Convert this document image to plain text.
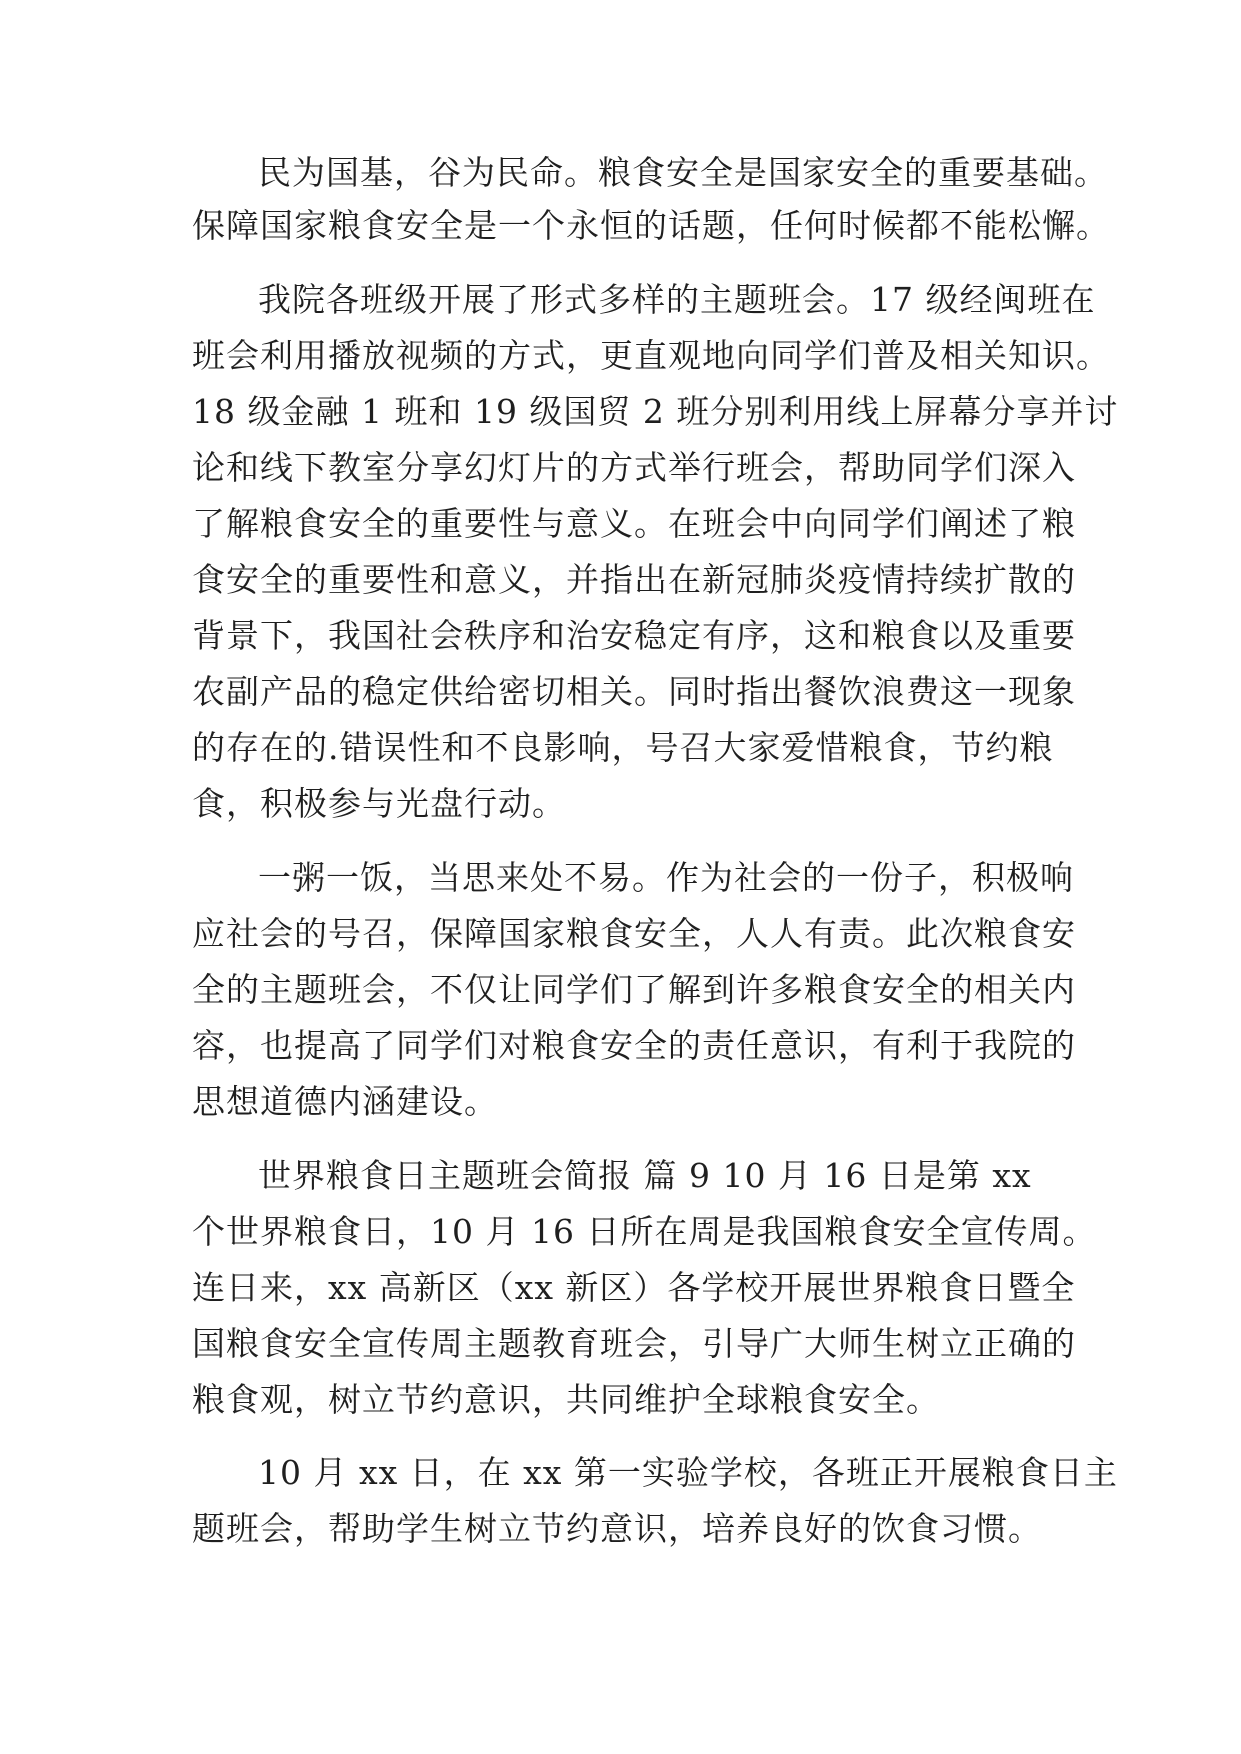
民为国基，谷为民命。粮食安全是国家安全的重要基础。

保障国家粮食安全是一个永恒的话题，任何时候都不能松懈。

我院各班级开展了形式多样的主题班会。17 级经闽班在

班会利用播放视频的方式，更直观地向同学们普及相关知识。

18 级金融 1 班和 19 级国贸 2 班分别利用线上屏幕分享并讨

论和线下教室分享幻灯片的方式举行班会，帮助同学们深入

了解粮食安全的重要性与意义。在班会中向同学们阐述了粮

食安全的重要性和意义，并指出在新冠肺炎疫情持续扩散的

背景下，我国社会秩序和治安稳定有序，这和粮食以及重要

农副产品的稳定供给密切相关。同时指出餐饮浪费这一现象

的存在的.错误性和不良影响，号召大家爱惜粮食，节约粮

食，积极参与光盘行动。

一粥一饭，当思来处不易。作为社会的一份子，积极响

应社会的号召，保障国家粮食安全，人人有责。此次粮食安

全的主题班会，不仅让同学们了解到许多粮食安全的相关内

容，也提高了同学们对粮食安全的责任意识，有利于我院的

思想道德内涵建设。

世界粮食日主题班会简报 篇 9 10 月 16 日是第 xx

个世界粮食日，10 月 16 日所在周是我国粮食安全宣传周。

连日来，xx 高新区（xx 新区）各学校开展世界粮食日暨全

国粮食安全宣传周主题教育班会，引导广大师生树立正确的

粮食观，树立节约意识，共同维护全球粮食安全。

10 月 xx 日，在 xx 第一实验学校，各班正开展粮食日主

题班会，帮助学生树立节约意识，培养良好的饮食习惯。
